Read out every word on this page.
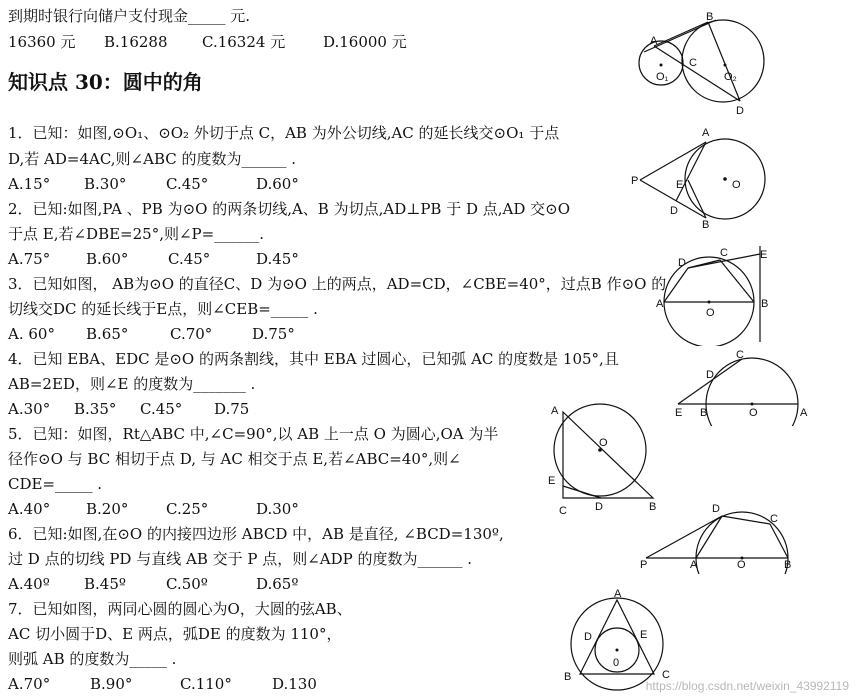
到期时银行向储户支付现金_____ 元.
16360 元 B.16288 C.16324 元	D.16000 元
知识点 30：圆中的角
1．已知：如图,⊙O₁、⊙O₂ 外切于点 C，AB 为外公切线,AC 的延长线交⊙O₁ 于点
D,若 AD=4AC,则∠ABC 的度数为______ .
A.15° B.30°	C.45°	D.60°
2．已知:如图,PA 、PB 为⊙O 的两条切线,A、B 为切点,AD⊥PB 于 D 点,AD 交⊙O
于点 E,若∠DBE=25°,则∠P=______.
A.75° B.60°	C.45°	D.45°
3．已知如图， AB为⊙O 的直径C、D 为⊙O 上的两点，AD=CD，∠CBE=40°，过点B 作⊙O 的
切线交DC 的延长线于E点，则∠CEB=_____ .
A. 60° B.65°	C.70°	D.75°
4．已知 EBA、EDC 是⊙O 的两条割线，其中 EBA 过圆心，已知弧 AC 的度数是 105°,且
AB=2ED，则∠E 的度数为_______ .
A.30° B.35° C.45° D.75
5．已知：如图，Rt△ABC 中,∠C=90°,以 AB 上一点 O 为圆心,OA 为半
径作⊙O 与 BC 相切于点 D, 与 AC 相交于点 E,若∠ABC=40°,则∠
CDE=_____ .
A.40° B.20°	C.25°	D.30°
6．已知:如图,在⊙O 的内接四边形 ABCD 中，AB 是直径, ∠BCD=130º,
过 D 点的切线 PD 与直线 AB 交于 P 点，则∠ADP 的度数为______ .
A.40º B.45º	C.50º	D.65º
7．已知如图，两同心圆的圆心为O，大圆的弦AB、
AC 切小圆于D、E 两点，弧DE 的度数为 110°，
则弧 AB 的度数为_____ .
A.70°	B.90°	C.110°	D.130
A
B
C
D
O₁	O₂
A
B
P	E
D
O
A	B
C
D
E
O
E
D
C
B	O	A
A
O
E
C	D	B	D
C
P	A	O	B
A
D	E
0
B	C
https://blog.csdn.net/weixin_43992119
